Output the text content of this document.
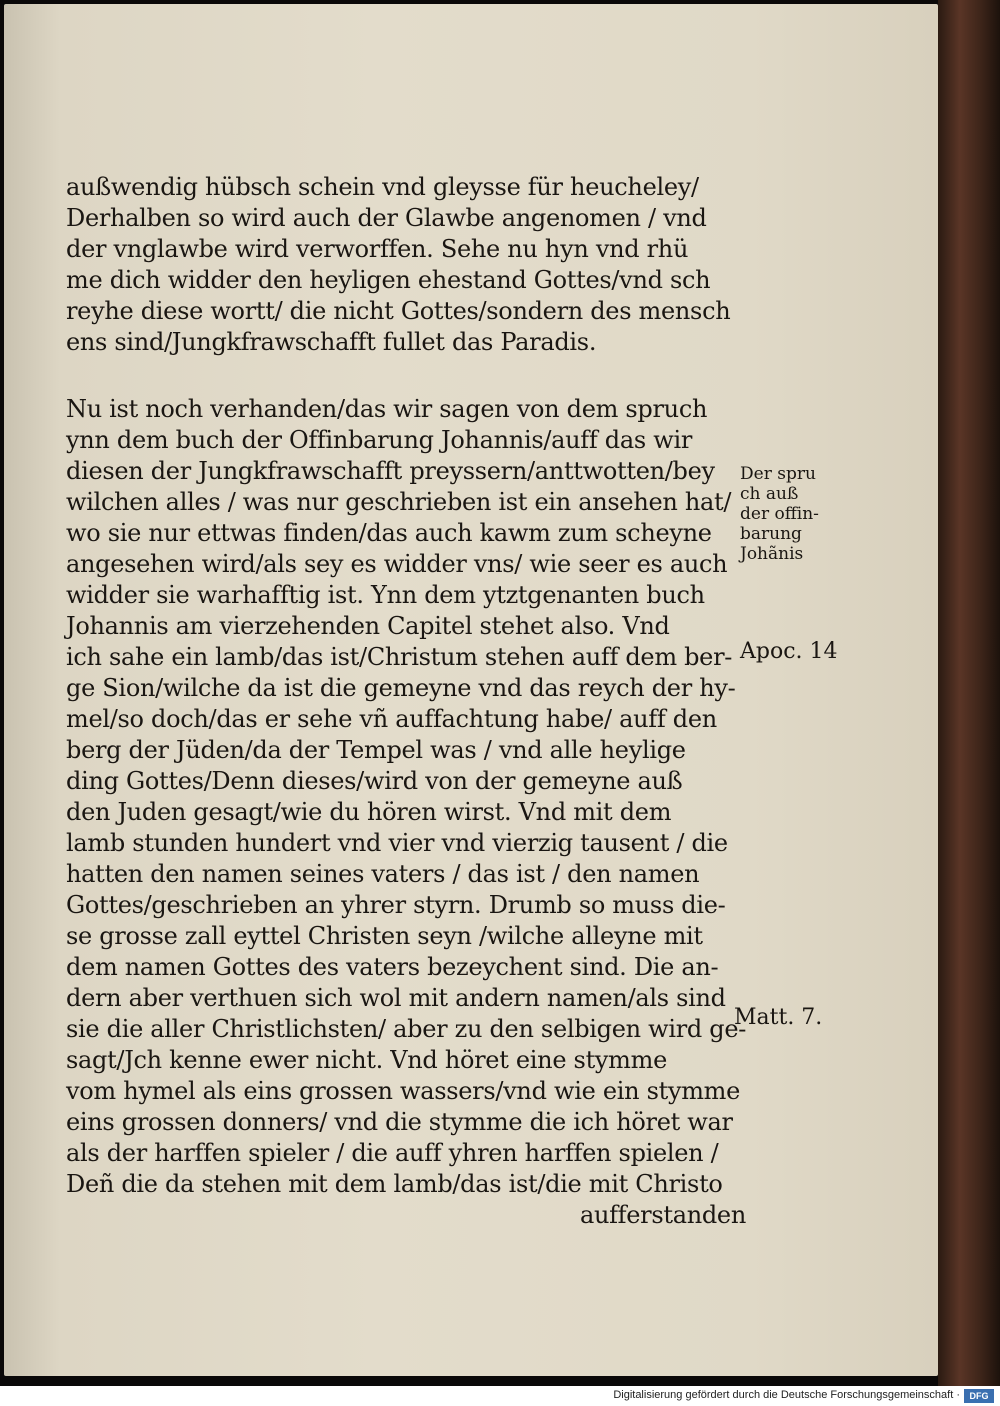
außwendig hübsch schein vnd gleysse für heucheley/
Derhalben so wird auch der Glawbe angenomen / vnd
der vnglawbe wird verworffen. Sehe nu hyn vnd rhü
me dich widder den heyligen ehestand Gottes/vnd sch
reyhe diese wortt/ die nicht Gottes/sondern des mensch
ens sind/Jungkfrawschafft fullet das Paradis.
Nu ist noch verhanden/das wir sagen von dem spruch
ynn dem buch der Offinbarung Johannis/auff das wir
diesen der Jungkfrawschafft preyssern/anttwotten/bey
wilchen alles / was nur geschrieben ist ein ansehen hat/
wo sie nur ettwas finden/das auch kawm zum scheyne
angesehen wird/als sey es widder vns/ wie seer es auch
widder sie warhafftig ist. Ynn dem ytztgenanten buch
Johannis am vierzehenden Capitel stehet also. Vnd
ich sahe ein lamb/das ist/Christum stehen auff dem ber-
ge Sion/wilche da ist die gemeyne vnd das reych der hy-
mel/so doch/das er sehe vñ auffachtung habe/ auff den
berg der Jüden/da der Tempel was / vnd alle heylige
ding Gottes/Denn dieses/wird von der gemeyne auß
den Juden gesagt/wie du hören wirst. Vnd mit dem
lamb stunden hundert vnd vier vnd vierzig tausent / die
hatten den namen seines vaters / das ist / den namen
Gottes/geschrieben an yhrer styrn. Drumb so muss die-
se grosse zall eyttel Christen seyn /wilche alleyne mit
dem namen Gottes des vaters bezeychent sind. Die an-
dern aber verthuen sich wol mit andern namen/als sind
sie die aller Christlichsten/ aber zu den selbigen wird ge-
sagt/Jch kenne ewer nicht. Vnd höret eine stymme
vom hymel als eins grossen wassers/vnd wie ein stymme
eins grossen donners/ vnd die stymme die ich höret war
als der harffen spieler / die auff yhren harffen spielen /
Deñ die da stehen mit dem lamb/das ist/die mit Christo
aufferstanden
Der spru
ch auß
der offin-
barung
Johãnis
Apoc. 14
Matt. 7.
Digitalisierung gefördert durch die Deutsche Forschungsgemeinschaft ·	DFG
